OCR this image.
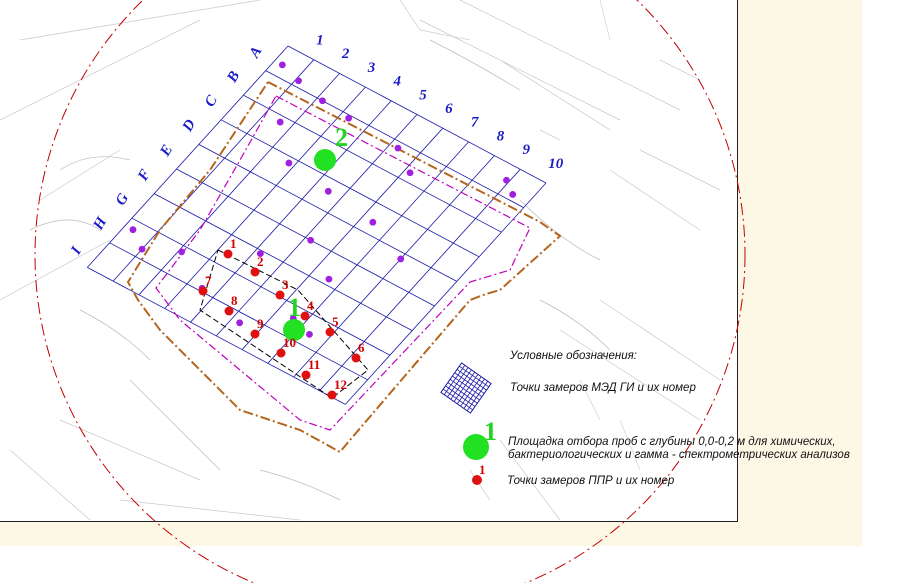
1
2
3
4
5
6
7
8
9
10
A
B
C
D
E
F
G
H
I
1
2
1
2
3
4
5
6
7
8
9
10
11
12
Условные обозначения:
Точки замеров МЭД ГИ и их номер
1 Площадка отбора проб с глубины 0,0-0,2 м для химических,
бактериологических и гамма - спектрометрических анализов
1
Точки замеров ППР и их номер
